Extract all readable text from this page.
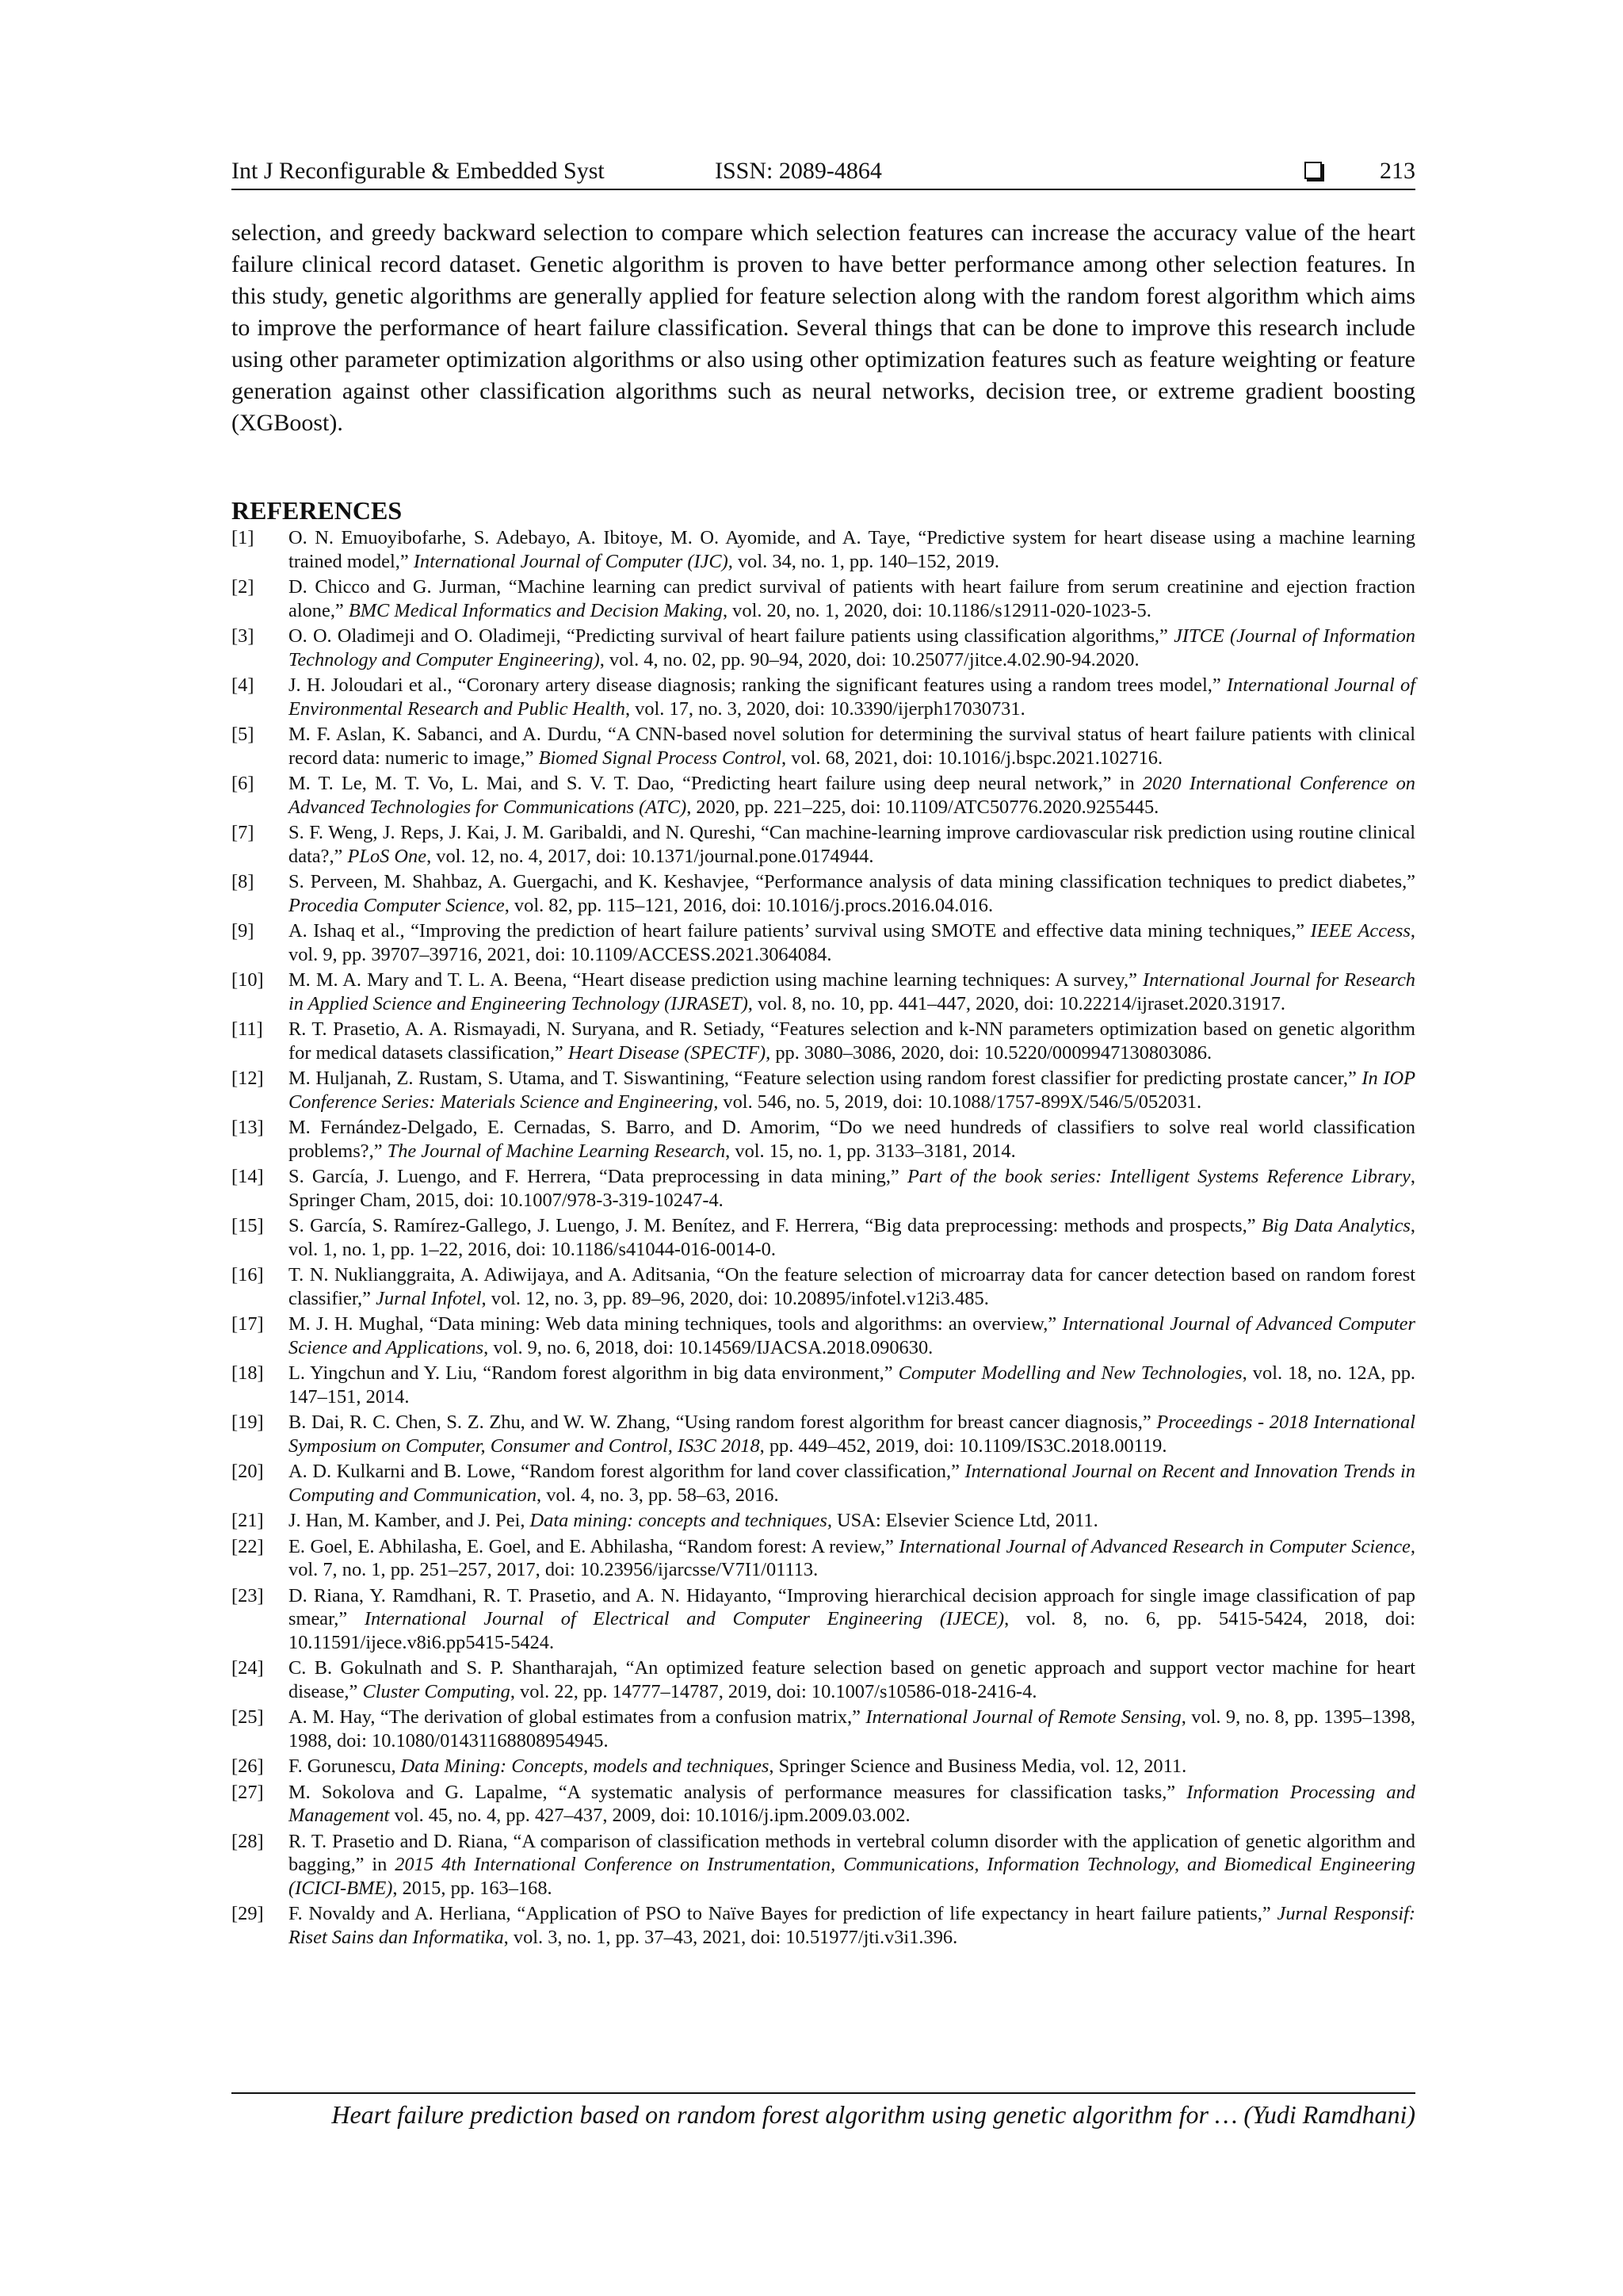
Int J Reconfigurable & Embedded Syst	ISSN: 2089-4864	213

selection, and greedy backward selection to compare which selection features can increase the accuracy value of the heart failure clinical record dataset. Genetic algorithm is proven to have better performance among other selection features. In this study, genetic algorithms are generally applied for feature selection along with the random forest algorithm which aims to improve the performance of heart failure classification. Several things that can be done to improve this research include using other parameter optimization algorithms or also using other optimization features such as feature weighting or feature generation against other classification algorithms such as neural networks, decision tree, or extreme gradient boosting (XGBoost).

REFERENCES
[1] O. N. Emuoyibofarhe, S. Adebayo, A. Ibitoye, M. O. Ayomide, and A. Taye, “Predictive system for heart disease using a machine learning trained model,” International Journal of Computer (IJC), vol. 34, no. 1, pp. 140–152, 2019.
[2] D. Chicco and G. Jurman, “Machine learning can predict survival of patients with heart failure from serum creatinine and ejection fraction alone,” BMC Medical Informatics and Decision Making, vol. 20, no. 1, 2020, doi: 10.1186/s12911-020-1023-5.
[3] O. O. Oladimeji and O. Oladimeji, “Predicting survival of heart failure patients using classification algorithms,” JITCE (Journal of Information Technology and Computer Engineering), vol. 4, no. 02, pp. 90–94, 2020, doi: 10.25077/jitce.4.02.90-94.2020.
[4] J. H. Joloudari et al., “Coronary artery disease diagnosis; ranking the significant features using a random trees model,” International Journal of Environmental Research and Public Health, vol. 17, no. 3, 2020, doi: 10.3390/ijerph17030731.
[5] M. F. Aslan, K. Sabanci, and A. Durdu, “A CNN-based novel solution for determining the survival status of heart failure patients with clinical record data: numeric to image,” Biomed Signal Process Control, vol. 68, 2021, doi: 10.1016/j.bspc.2021.102716.
[6] M. T. Le, M. T. Vo, L. Mai, and S. V. T. Dao, “Predicting heart failure using deep neural network,” in 2020 International Conference on Advanced Technologies for Communications (ATC), 2020, pp. 221–225, doi: 10.1109/ATC50776.2020.9255445.
[7] S. F. Weng, J. Reps, J. Kai, J. M. Garibaldi, and N. Qureshi, “Can machine-learning improve cardiovascular risk prediction using routine clinical data?,” PLoS One, vol. 12, no. 4, 2017, doi: 10.1371/journal.pone.0174944.
[8] S. Perveen, M. Shahbaz, A. Guergachi, and K. Keshavjee, “Performance analysis of data mining classification techniques to predict diabetes,” Procedia Computer Science, vol. 82, pp. 115–121, 2016, doi: 10.1016/j.procs.2016.04.016.
[9] A. Ishaq et al., “Improving the prediction of heart failure patients’ survival using SMOTE and effective data mining techniques,” IEEE Access, vol. 9, pp. 39707–39716, 2021, doi: 10.1109/ACCESS.2021.3064084.
[10] M. M. A. Mary and T. L. A. Beena, “Heart disease prediction using machine learning techniques: A survey,” International Journal for Research in Applied Science and Engineering Technology (IJRASET), vol. 8, no. 10, pp. 441–447, 2020, doi: 10.22214/ijraset.2020.31917.
[11] R. T. Prasetio, A. A. Rismayadi, N. Suryana, and R. Setiady, “Features selection and k-NN parameters optimization based on genetic algorithm for medical datasets classification,” Heart Disease (SPECTF), pp. 3080–3086, 2020, doi: 10.5220/0009947130803086.
[12] M. Huljanah, Z. Rustam, S. Utama, and T. Siswantining, “Feature selection using random forest classifier for predicting prostate cancer,” In IOP Conference Series: Materials Science and Engineering, vol. 546, no. 5, 2019, doi: 10.1088/1757-899X/546/5/052031.
[13] M. Fernández-Delgado, E. Cernadas, S. Barro, and D. Amorim, “Do we need hundreds of classifiers to solve real world classification problems?,” The Journal of Machine Learning Research, vol. 15, no. 1, pp. 3133–3181, 2014.
[14] S. García, J. Luengo, and F. Herrera, “Data preprocessing in data mining,” Part of the book series: Intelligent Systems Reference Library, Springer Cham, 2015, doi: 10.1007/978-3-319-10247-4.
[15] S. García, S. Ramírez-Gallego, J. Luengo, J. M. Benítez, and F. Herrera, “Big data preprocessing: methods and prospects,” Big Data Analytics, vol. 1, no. 1, pp. 1–22, 2016, doi: 10.1186/s41044-016-0014-0.
[16] T. N. Nuklianggraita, A. Adiwijaya, and A. Aditsania, “On the feature selection of microarray data for cancer detection based on random forest classifier,” Jurnal Infotel, vol. 12, no. 3, pp. 89–96, 2020, doi: 10.20895/infotel.v12i3.485.
[17] M. J. H. Mughal, “Data mining: Web data mining techniques, tools and algorithms: an overview,” International Journal of Advanced Computer Science and Applications, vol. 9, no. 6, 2018, doi: 10.14569/IJACSA.2018.090630.
[18] L. Yingchun and Y. Liu, “Random forest algorithm in big data environment,” Computer Modelling and New Technologies, vol. 18, no. 12A, pp. 147–151, 2014.
[19] B. Dai, R. C. Chen, S. Z. Zhu, and W. W. Zhang, “Using random forest algorithm for breast cancer diagnosis,” Proceedings - 2018 International Symposium on Computer, Consumer and Control, IS3C 2018, pp. 449–452, 2019, doi: 10.1109/IS3C.2018.00119.
[20] A. D. Kulkarni and B. Lowe, “Random forest algorithm for land cover classification,” International Journal on Recent and Innovation Trends in Computing and Communication, vol. 4, no. 3, pp. 58–63, 2016.
[21] J. Han, M. Kamber, and J. Pei, Data mining: concepts and techniques, USA: Elsevier Science Ltd, 2011.
[22] E. Goel, E. Abhilasha, E. Goel, and E. Abhilasha, “Random forest: A review,” International Journal of Advanced Research in Computer Science, vol. 7, no. 1, pp. 251–257, 2017, doi: 10.23956/ijarcsse/V7I1/01113.
[23] D. Riana, Y. Ramdhani, R. T. Prasetio, and A. N. Hidayanto, “Improving hierarchical decision approach for single image classification of pap smear,” International Journal of Electrical and Computer Engineering (IJECE), vol. 8, no. 6, pp. 5415-5424, 2018, doi: 10.11591/ijece.v8i6.pp5415-5424.
[24] C. B. Gokulnath and S. P. Shantharajah, “An optimized feature selection based on genetic approach and support vector machine for heart disease,” Cluster Computing, vol. 22, pp. 14777–14787, 2019, doi: 10.1007/s10586-018-2416-4.
[25] A. M. Hay, “The derivation of global estimates from a confusion matrix,” International Journal of Remote Sensing, vol. 9, no. 8, pp. 1395–1398, 1988, doi: 10.1080/01431168808954945.
[26] F. Gorunescu, Data Mining: Concepts, models and techniques, Springer Science and Business Media, vol. 12, 2011.
[27] M. Sokolova and G. Lapalme, “A systematic analysis of performance measures for classification tasks,” Information Processing and Management vol. 45, no. 4, pp. 427–437, 2009, doi: 10.1016/j.ipm.2009.03.002.
[28] R. T. Prasetio and D. Riana, “A comparison of classification methods in vertebral column disorder with the application of genetic algorithm and bagging,” in 2015 4th International Conference on Instrumentation, Communications, Information Technology, and Biomedical Engineering (ICICI-BME), 2015, pp. 163–168.
[29] F. Novaldy and A. Herliana, “Application of PSO to Naïve Bayes for prediction of life expectancy in heart failure patients,” Jurnal Responsif: Riset Sains dan Informatika, vol. 3, no. 1, pp. 37–43, 2021, doi: 10.51977/jti.v3i1.396.
Heart failure prediction based on random forest algorithm using genetic algorithm for … (Yudi Ramdhani)
